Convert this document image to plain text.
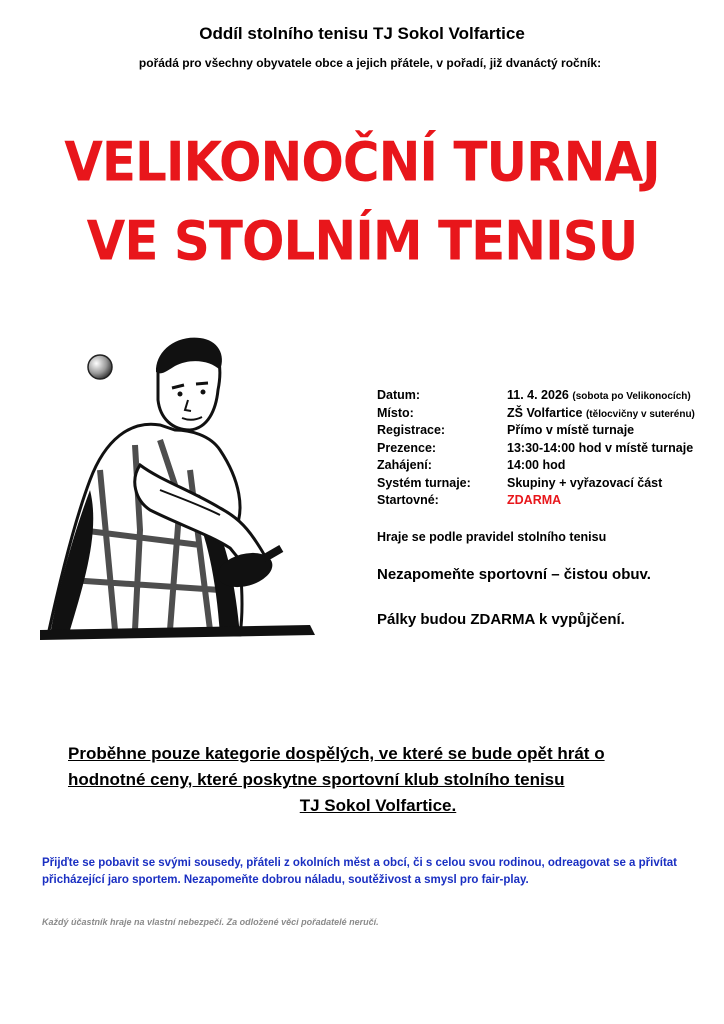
Oddíl stolního tenisu TJ Sokol Volfartice
pořádá pro všechny obyvatele obce a jejich přátele, v pořadí, již dvanáctý ročník:
VELIKONOČNÍ TURNAJ
VE STOLNÍM TENISU
Datum:	11. 4. 2026 (sobota po Velikonocích)
Místo:	ZŠ Volfartice (tělocvičny v suterénu)
Registrace:	Přímo v místě turnaje
Prezence:	13:30-14:00 hod v místě turnaje
Zahájení:	14:00 hod
Systém turnaje:	Skupiny + vyřazovací část
Startovné:	ZDARMA
Hraje se podle pravidel stolního tenisu
Nezapomeňte sportovní – čistou obuv.
Pálky budou ZDARMA k vypůjčení.
Proběhne pouze kategorie dospělých, ve které se bude opět hrát o
hodnotné ceny, které poskytne sportovní klub stolního tenisu
TJ Sokol Volfartice.
Přijďte se pobavit se svými sousedy, přáteli z okolních měst a obcí, či s celou svou rodinou, odreagovat se a přivítat přicházející jaro sportem. Nezapomeňte dobrou náladu, soutěživost a smysl pro fair-play.
Každý účastník hraje na vlastní nebezpečí. Za odložené věci pořadatelé neručí.
